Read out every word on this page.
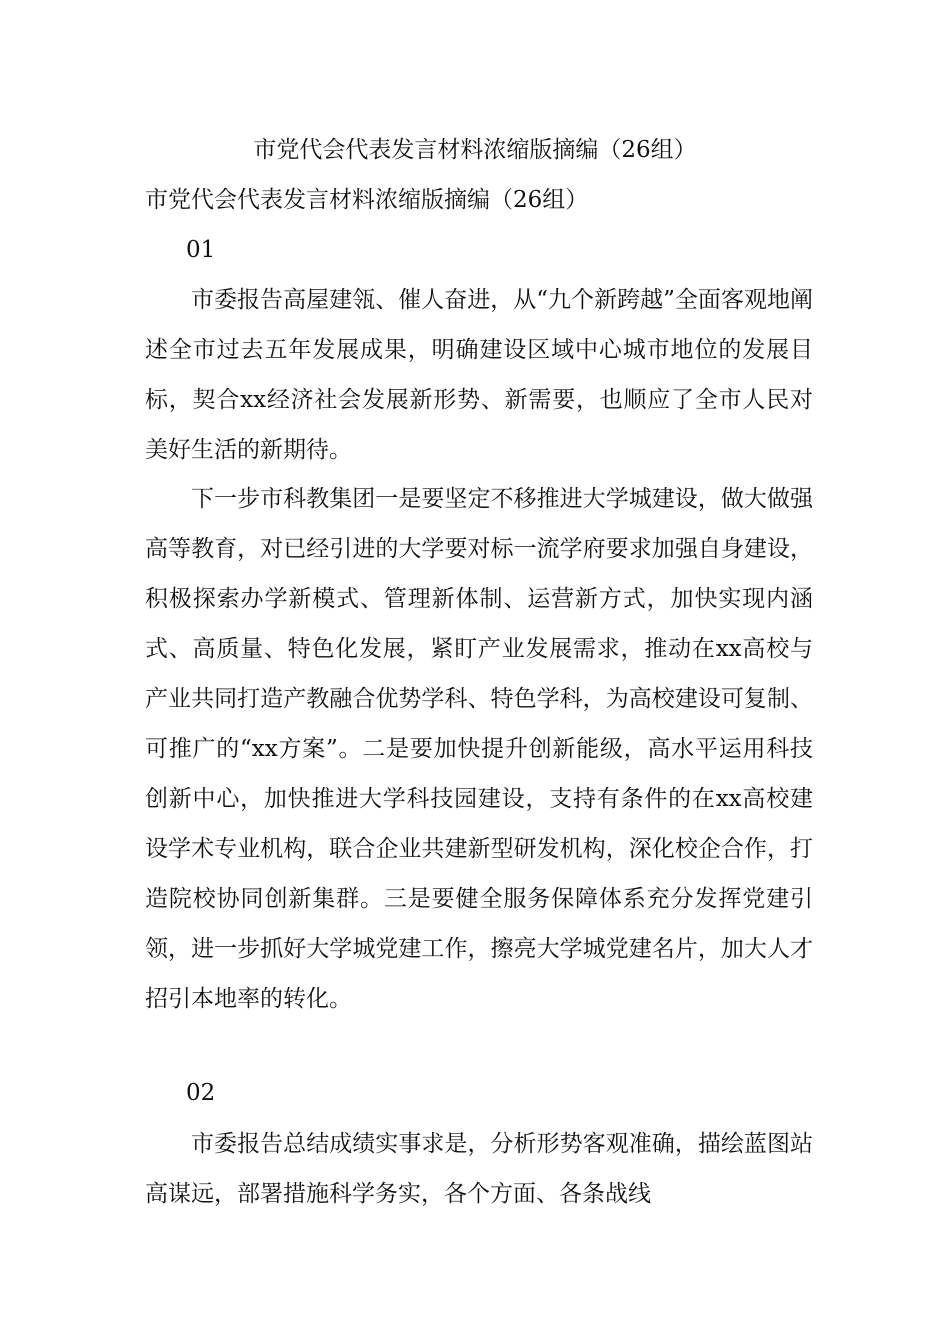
市党代会代表发言材料浓缩版摘编（26组）
市党代会代表发言材料浓缩版摘编（26组）
01
市委报告高屋建瓴、催人奋进，从“九个新跨越”全面客观地阐述全市过去五年发展成果，明确建设区域中心城市地位的发展目标，契合xx经济社会发展新形势、新需要，也顺应了全市人民对美好生活的新期待。
下一步市科教集团一是要坚定不移推进大学城建设，做大做强高等教育，对已经引进的大学要对标一流学府要求加强自身建设，积极探索办学新模式、管理新体制、运营新方式，加快实现内涵式、高质量、特色化发展，紧盯产业发展需求，推动在xx高校与产业共同打造产教融合优势学科、特色学科，为高校建设可复制、可推广的“xx方案”。二是要加快提升创新能级，高水平运用科技创新中心，加快推进大学科技园建设，支持有条件的在xx高校建设学术专业机构，联合企业共建新型研发机构，深化校企合作，打造院校协同创新集群。三是要健全服务保障体系充分发挥党建引领，进一步抓好大学城党建工作，擦亮大学城党建名片，加大人才招引本地率的转化。
02
市委报告总结成绩实事求是，分析形势客观准确，描绘蓝图站高谋远，部署措施科学务实，各个方面、各条战线
